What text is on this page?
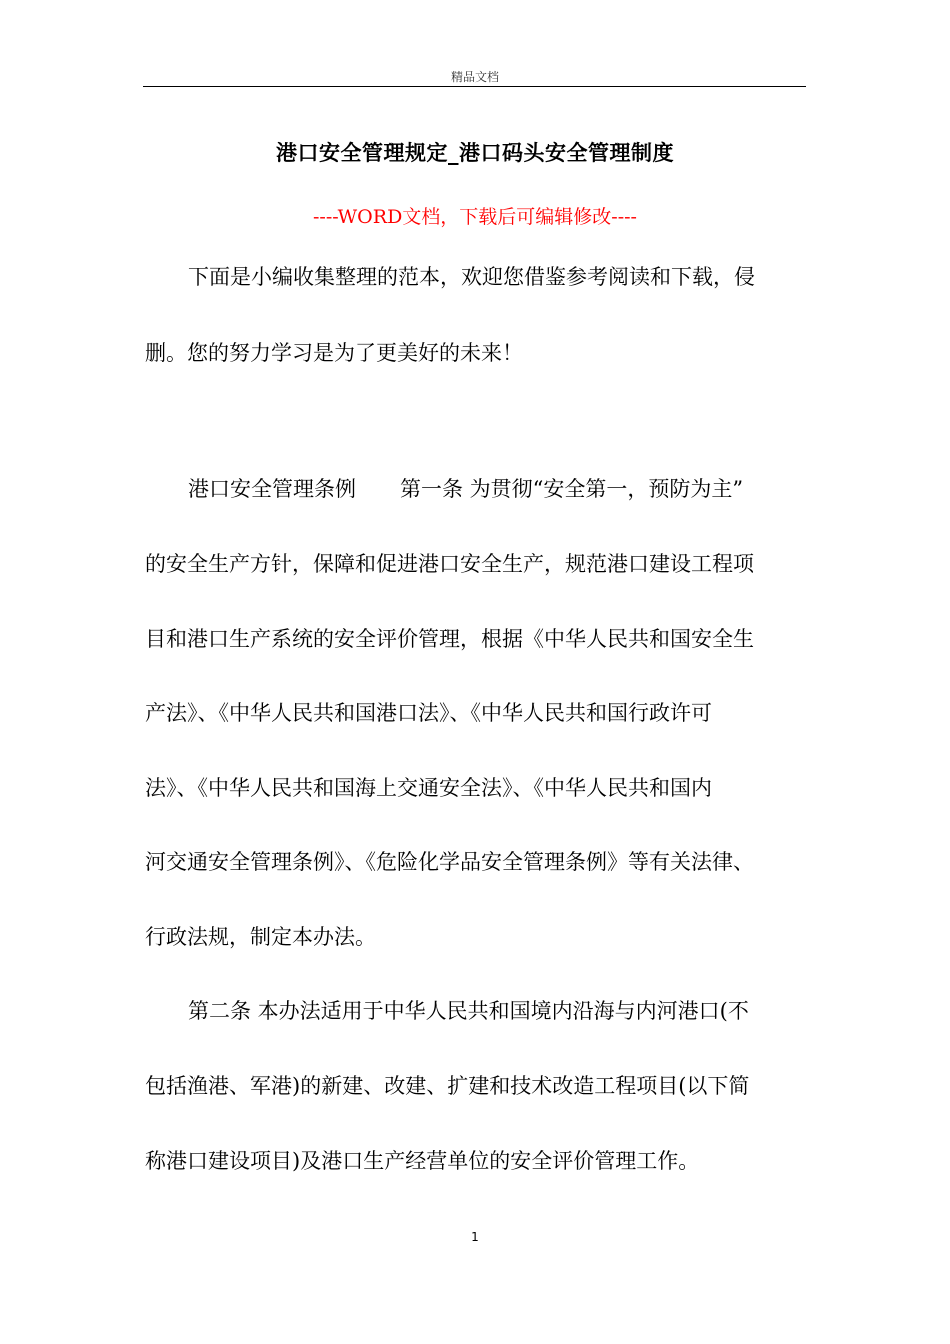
精品文档
港口安全管理规定_港口码头安全管理制度
----WORD文档，下载后可编辑修改----
下面是小编收集整理的范本，欢迎您借鉴参考阅读和下载，侵
删。您的努力学习是为了更美好的未来！
港口安全管理条例 第一条 为贯彻“安全第一，预防为主”
的安全生产方针，保障和促进港口安全生产，规范港口建设工程项
目和港口生产系统的安全评价管理，根据《中华人民共和国安全生
产法》、《中华人民共和国港口法》、《中华人民共和国行政许可
法》、《中华人民共和国海上交通安全法》、《中华人民共和国内
河交通安全管理条例》、《危险化学品安全管理条例》等有关法律、
行政法规，制定本办法。
第二条 本办法适用于中华人民共和国境内沿海与内河港口(不
包括渔港、军港)的新建、改建、扩建和技术改造工程项目(以下简
称港口建设项目)及港口生产经营单位的安全评价管理工作。
1
